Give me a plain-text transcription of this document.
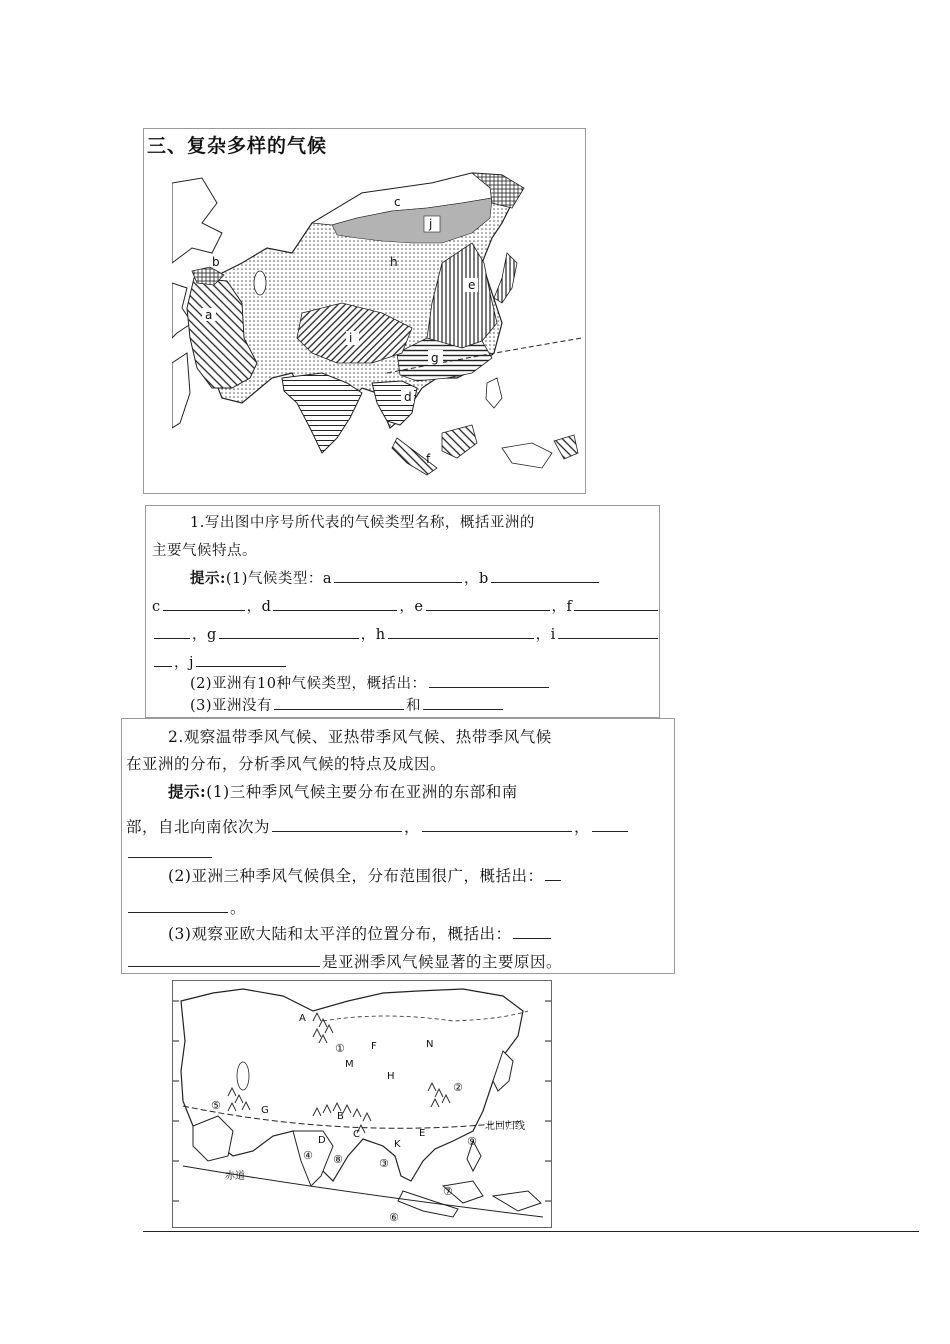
三、复杂多样的气候
a
b
c
d
e
f
g
h
i
j
1.写出图中序号所代表的气候类型名称，概括亚洲的
主要气候特点。
提示:(1)气候类型：a	，b
c	，d	，e	，f
，g	，h	，i
，j
(2)亚洲有10种气候类型，概括出：
(3)亚洲没有	和
2.观察温带季风气候、亚热带季风气候、热带季风气候
在亚洲的分布，分析季风气候的特点及成因。
提示:(1)三种季风气候主要分布在亚洲的东部和南
部，自北向南依次为	，	，
(2)亚洲三种季风气候俱全，分布范围很广，概括出：
。
(3)观察亚欧大陆和太平洋的位置分布，概括出：
是亚洲季风气候显著的主要原因。
A
F	N
M
H
G
B
C
D
E
K
①
②
③
④
⑤
⑥
⑦
⑧
⑨
北回归线
赤道
